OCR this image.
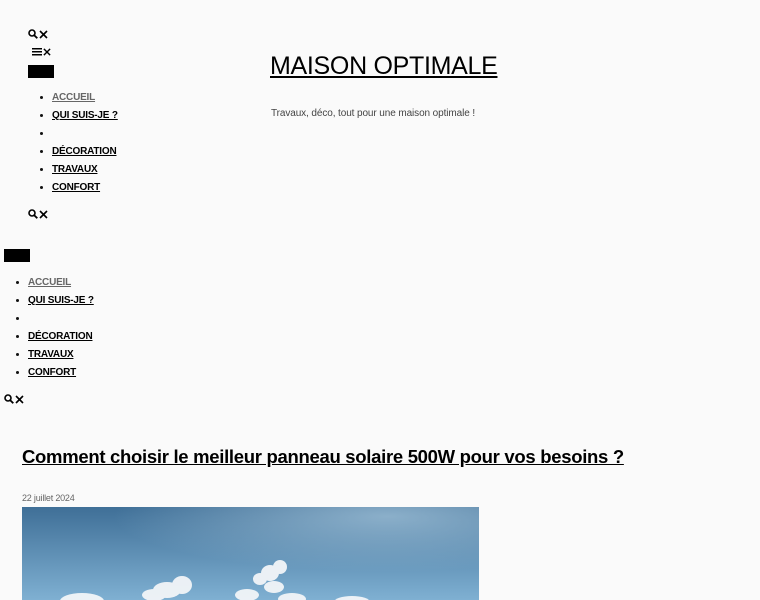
• ACCUEIL
• QUI SUIS-JE ?
•
• DÉCORATION
• TRAVAUX
• CONFORT
MAISON OPTIMALE

Travaux, déco, tout pour une maison optimale !

• ACCUEIL
• QUI SUIS-JE ?
•
• DÉCORATION
• TRAVAUX
• CONFORT
Comment choisir le meilleur panneau solaire 500W pour vos besoins ?
22 juillet 2024
